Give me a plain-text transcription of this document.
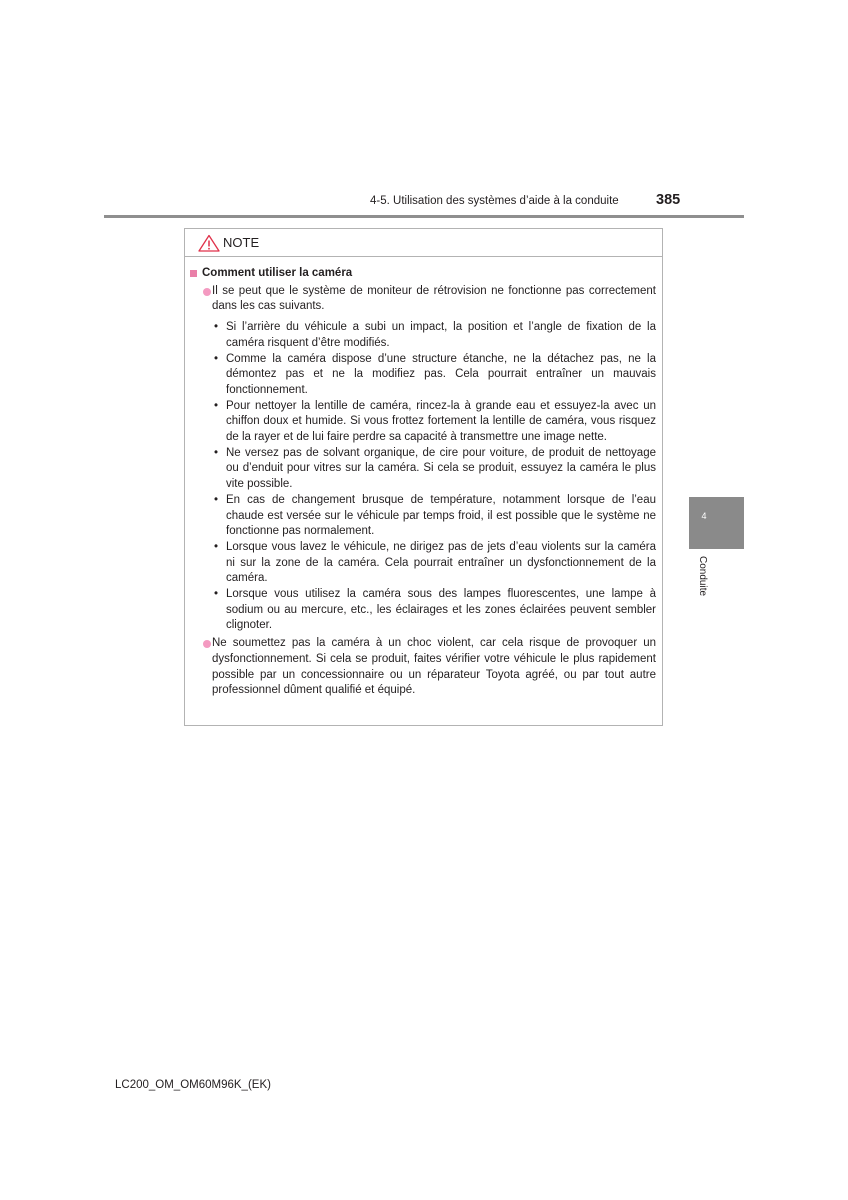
4-5. Utilisation des systèmes d’aide à la conduite	385
4
Conduite
NOTE
Comment utiliser la caméra
Il se peut que le système de moniteur de rétrovision ne fonctionne pas correctement dans les cas suivants.
• Si l’arrière du véhicule a subi un impact, la position et l’angle de fixation de la caméra risquent d’être modifiés.
• Comme la caméra dispose d’une structure étanche, ne la détachez pas, ne la démontez pas et ne la modifiez pas. Cela pourrait entraîner un mauvais fonctionnement.
• Pour nettoyer la lentille de caméra, rincez-la à grande eau et essuyez-la avec un chiffon doux et humide. Si vous frottez fortement la lentille de caméra, vous risquez de la rayer et de lui faire perdre sa capacité à transmettre une image nette.
• Ne versez pas de solvant organique, de cire pour voiture, de produit de nettoyage ou d’enduit pour vitres sur la caméra. Si cela se produit, essuyez la caméra le plus vite possible.
• En cas de changement brusque de température, notamment lorsque de l’eau chaude est versée sur le véhicule par temps froid, il est possible que le système ne fonctionne pas normalement.
• Lorsque vous lavez le véhicule, ne dirigez pas de jets d’eau violents sur la caméra ni sur la zone de la caméra. Cela pourrait entraîner un dysfonctionnement de la caméra.
• Lorsque vous utilisez la caméra sous des lampes fluorescentes, une lampe à sodium ou au mercure, etc., les éclairages et les zones éclairées peuvent sembler clignoter.
Ne soumettez pas la caméra à un choc violent, car cela risque de provoquer un dysfonctionnement. Si cela se produit, faites vérifier votre véhicule le plus rapidement possible par un concessionnaire ou un réparateur Toyota agréé, ou par tout autre professionnel dûment qualifié et équipé.
LC200_OM_OM60M96K_(EK)
